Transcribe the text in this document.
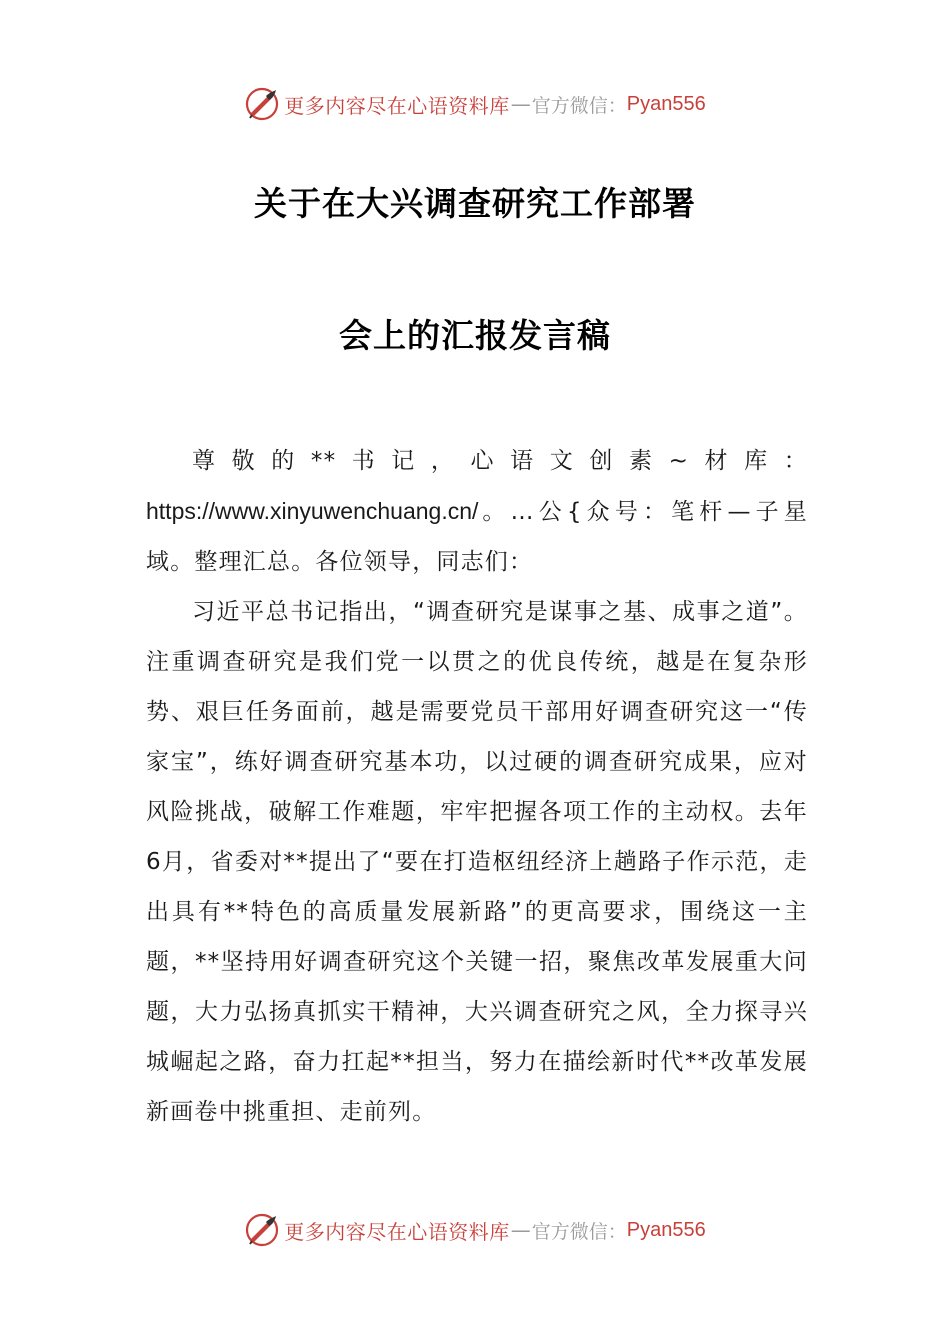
更多内容尽在心语资料库 — 官方微信： Pyan556
关于在大兴调查研究工作部署
会上的汇报发言稿

尊敬的**书记，心语文创素~材库：https://www.xinyuwenchuang.cn/。…公{众号：笔杆—子星域。整理汇总。各位领导，同志们：

习近平总书记指出，“调查研究是谋事之基、成事之道”。注重调查研究是我们党一以贯之的优良传统，越是在复杂形势、艰巨任务面前，越是需要党员干部用好调查研究这一“传家宝”，练好调查研究基本功，以过硬的调查研究成果，应对风险挑战，破解工作难题，牢牢把握各项工作的主动权。去年6月，省委对**提出了“要在打造枢纽经济上趟路子作示范，走出具有**特色的高质量发展新路”的更高要求，围绕这一主题，**坚持用好调查研究这个关键一招，聚焦改革发展重大问题，大力弘扬真抓实干精神，大兴调查研究之风，全力探寻兴城崛起之路，奋力扛起**担当，努力在描绘新时代**改革发展新画卷中挑重担、走前列。

更多内容尽在心语资料库 — 官方微信： Pyan556
